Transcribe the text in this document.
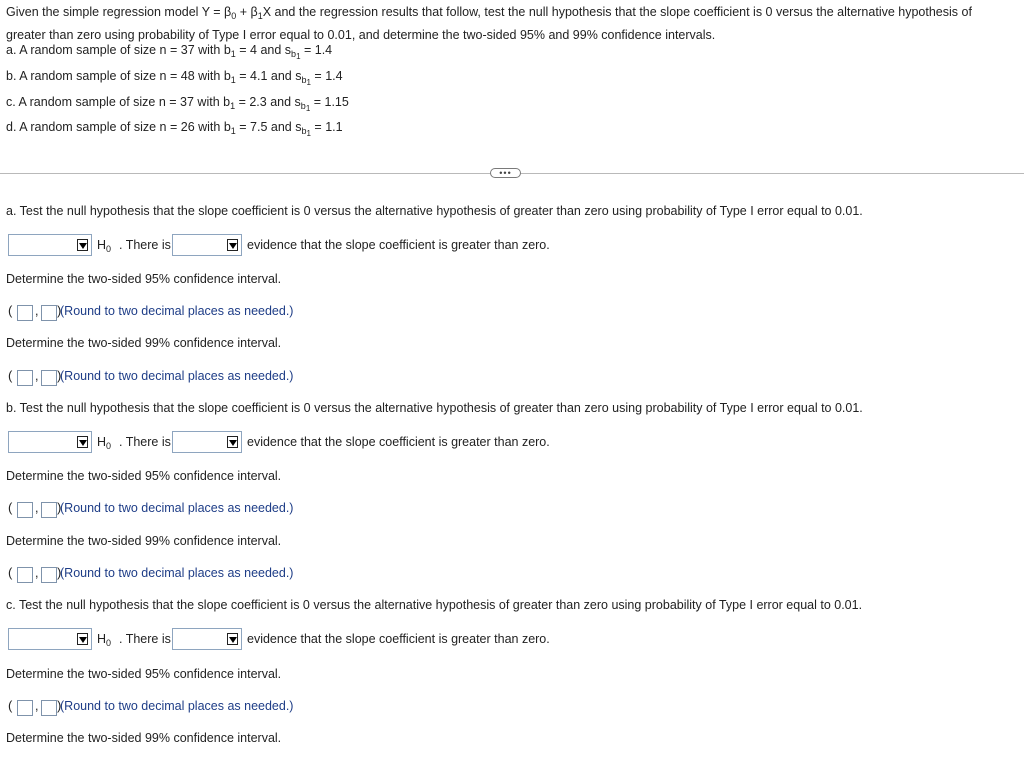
Given the simple regression model $Y = \beta_0 + \beta_1X$ and the regression results that follow, test the null hypothesis that the slope coefficient is 0 versus the alternative hypothesis of
greater than zero using probability of Type I error equal to 0.01, and determine the two-sided 95% and 99% confidence intervals.
a. A random sample of size n = 37 with $b_1 = 4$ and $s_{b_1} = 1.4$
b. A random sample of size n = 48 with $b_1 = 4.1$ and $s_{b_1} = 1.4$
c. A random sample of size n = 37 with $b_1 = 2.3$ and $s_{b_1} = 1.15$
d. A random sample of size n = 26 with $b_1 = 7.5$ and $s_{b_1} = 1.1$
•••
a. Test the null hypothesis that the slope coefficient is 0 versus the alternative hypothesis of greater than zero using probability of Type I error equal to 0.01.
$H_0$ . There is	evidence that the slope coefficient is greater than zero.
Determine the two-sided 95% confidence interval.
( , )
(Round to two decimal places as needed.)
Determine the two-sided 99% confidence interval.
( , )
(Round to two decimal places as needed.)
b. Test the null hypothesis that the slope coefficient is 0 versus the alternative hypothesis of greater than zero using probability of Type I error equal to 0.01.
$H_0$ . There is	evidence that the slope coefficient is greater than zero.
Determine the two-sided 95% confidence interval.
( , )
(Round to two decimal places as needed.)
Determine the two-sided 99% confidence interval.
( , )
(Round to two decimal places as needed.)
c. Test the null hypothesis that the slope coefficient is 0 versus the alternative hypothesis of greater than zero using probability of Type I error equal to 0.01.
$H_0$ . There is	evidence that the slope coefficient is greater than zero.
Determine the two-sided 95% confidence interval.
( , )
(Round to two decimal places as needed.)
Determine the two-sided 99% confidence interval.
